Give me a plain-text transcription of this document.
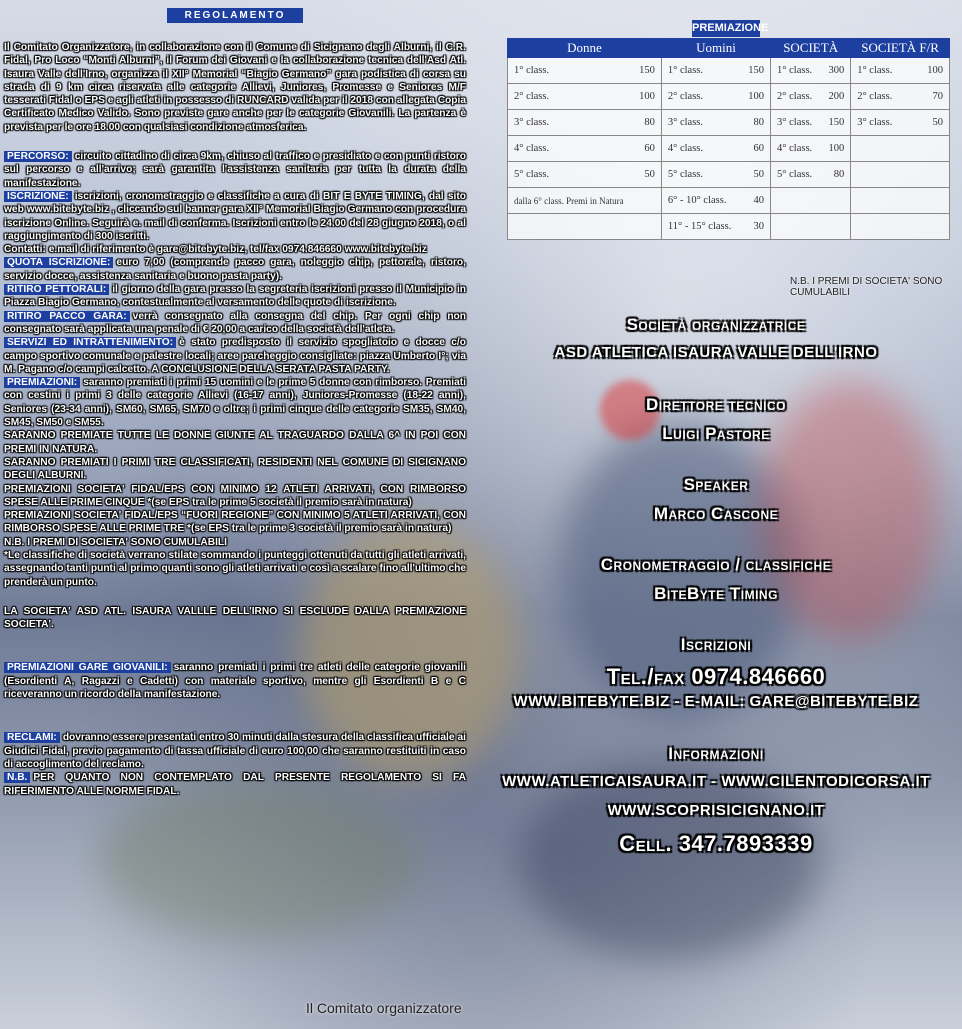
REGOLAMENTO
Il Comitato Organizzatore, in collaborazione con il Comune di Sicignano degli Alburni, il C.R. Fidal, Pro Loco “Monti Alburni”, il Forum dei Giovani e la collaborazione tecnica dell'Asd Atl. Isaura Valle dell'Irno, organizza il XII° Memorial “Biagio Germano” gara podistica di corsa su strada di 9 km circa riservata alle categorie Allievi, Juniores, Promesse e Seniores M/F tesserati Fidal o EPS e agli atleti in possesso di RUNCARD valida per il 2018 con allegata Copia Certificato Medico Valido. Sono previste gare anche per le categorie Giovanili. La partenza è prevista per le ore 18.00 con qualsiasi condizione atmosferica.
PERCORSO: circuito cittadino di circa 9km, chiuso al traffico e presidiato e con punti ristoro sul percorso e all'arrivo; sarà garantita l'assistenza sanitaria per tutta la durata della manifestazione.
ISCRIZIONE: iscrizioni, cronometraggio e classifiche a cura di BIT E BYTE TIMING, dal sito web www.bitebyte.biz , cliccando sul banner gara XII° Memorial Biagio Germano con procedura iscrizione Online. Seguirà e. mail di conferma. Iscrizioni entro le 24.00 del 28 giugno 2018, o al raggiungimento di 300 iscritti.
Contatti: e.mail di riferimento è gare@bitebyte.biz, tel/fax 0974.846660 www.bitebyte.biz
QUOTA ISCRIZIONE: euro 7,00 (comprende pacco gara, noleggio chip, pettorale, ristoro, servizio docce, assistenza sanitaria e buono pasta party).
RITIRO PETTORALI: il giorno della gara presso la segreteria iscrizioni presso il Municipio in Piazza Biagio Germano, contestualmente al versamento delle quote di iscrizione.
RITIRO PACCO GARA: verrà consegnato alla consegna del chip. Per ogni chip non consegnato sarà applicata una penale di € 20,00 a carico della società dell'atleta.
SERVIZI ED INTRATTENIMENTO: è stato predisposto il servizio spogliatoio e docce c/o campo sportivo comunale e palestre locali; aree parcheggio consigliate: piazza Umberto I°; via M. Pagano c/o campi calcetto. A CONCLUSIONE DELLA SERATA PASTA PARTY.
PREMIAZIONI: saranno premiati i primi 15 uomini e le prime 5 donne con rimborso. Premiati con cestini i primi 3 delle categorie Allievi (16-17 anni), Juniores-Promesse (18-22 anni), Seniores (23-34 anni), SM60, SM65, SM70 e oltre; i primi cinque delle categorie SM35, SM40, SM45, SM50 e SM55.
SARANNO PREMIATE TUTTE LE DONNE GIUNTE AL TRAGUARDO DALLA 6^ IN POI CON PREMI IN NATURA.
SARANNO PREMIATI I PRIMI TRE CLASSIFICATI, RESIDENTI NEL COMUNE DI SICIGNANO DEGLI ALBURNI.
PREMIAZIONI SOCIETA' FIDAL/EPS CON MINIMO 12 ATLETI ARRIVATI, CON RIMBORSO SPESE ALLE PRIME CINQUE *(se EPS tra le prime 5 società il premio sarà in natura)
PREMIAZIONI SOCIETA' FIDAL/EPS “FUORI REGIONE” CON MINIMO 5 ATLETI ARRIVATI, CON RIMBORSO SPESE ALLE PRIME TRE *(se EPS tra le prime 3 società il premio sarà in natura)
N.B. I PREMI DI SOCIETA' SONO CUMULABILI
*Le classifiche di società verrano stilate sommando i punteggi ottenuti da tutti gli atleti arrivati, assegnando tanti punti al primo quanti sono gli atleti arrivati e così a scalare fino all'ultimo che prenderà un punto.
LA SOCIETA' ASD ATL. ISAURA VALLLE DELL'IRNO SI ESCLUDE DALLA PREMIAZIONE SOCIETA'.
PREMIAZIONI GARE GIOVANILI: saranno premiati i primi tre atleti delle categorie giovanili (Esordienti A, Ragazzi e Cadetti) con materiale sportivo, mentre gli Esordienti B e C riceveranno un ricordo della manifestazione.
RECLAMI: dovranno essere presentati entro 30 minuti dalla stesura della classifica ufficiale ai Giudici Fidal, previo pagamento di tassa ufficiale di euro 100,00 che saranno restituiti in caso di accoglimento del reclamo.
N.B. PER QUANTO NON CONTEMPLATO DAL PRESENTE REGOLAMENTO SI FA RIFERIMENTO ALLE NORME FIDAL.
Il Comitato organizzatore
PREMIAZIONE
Donne	Uomini	SOCIETÀ	SOCIETÀ F/R

1° class. 150	1° class. 150	1° class. 300	1° class. 100

2° class. 100	2° class. 100	2° class. 200	2° class. 70

3° class. 80	3° class. 80	3° class. 150	3° class. 50

4° class. 60	4° class. 60	4° class. 100	

5° class. 50	5° class. 50	5° class. 80	

dalla 6° class. Premi in Natura	6° - 10° class. 40		

	11° - 15° class. 30		

N.B. I PREMI DI SOCIETA' SONO CUMULABILI
Società organizzatrice
ASD ATLETICA ISAURA VALLE DELL'IRNO
Direttore tecnico
Luigi Pastore
Speaker
Marco Cascone
Cronometraggio / classifiche
BiteByte Timing
Iscrizioni
Tel./fax 0974.846660
WWW.BITEBYTE.BIZ - E-MAIL: GARE@BITEBYTE.BIZ
Informazioni
WWW.ATLETICAISAURA.IT - WWW.CILENTODICORSA.IT
WWW.SCOPRISICIGNANO.IT
Cell. 347.7893339
